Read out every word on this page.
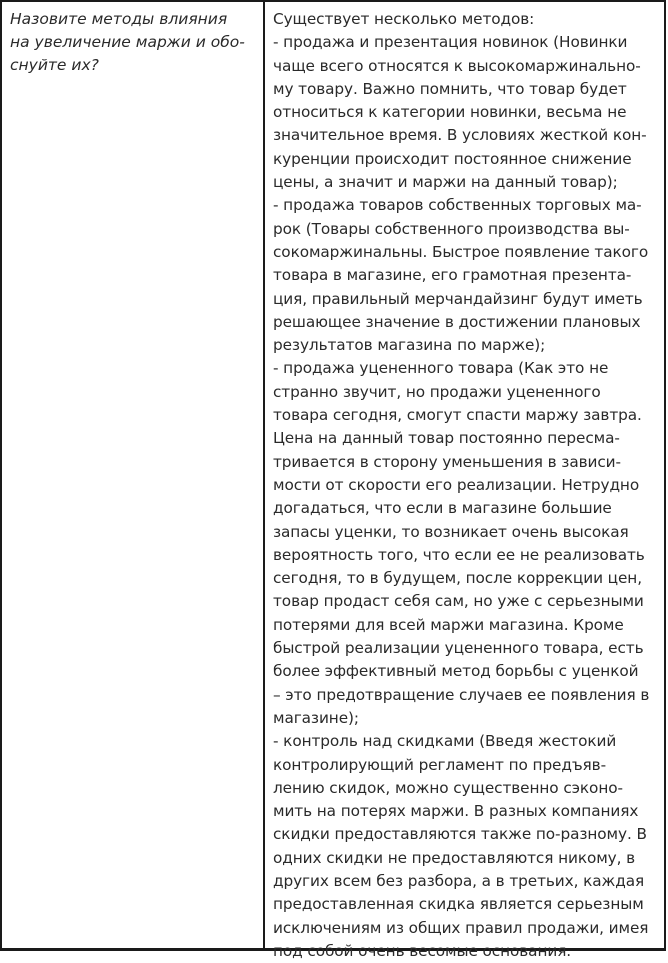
Назовите методы влияния
на увеличение маржи и обо-
снуйте их?
Существует несколько методов:
- продажа и презентация новинок (Новинки
чаще всего относятся к высокомаржинально-
му товару. Важно помнить, что товар будет
относиться к категории новинки, весьма не
значительное время. В условиях жесткой кон-
куренции происходит постоянное снижение
цены, а значит и маржи на данный товар);
- продажа товаров собственных торговых ма-
рок (Товары собственного производства вы-
сокомаржинальны. Быстрое появление такого
товара в магазине, его грамотная презента-
ция, правильный мерчандайзинг будут иметь
решающее значение в достижении плановых
результатов магазина по марже);
- продажа уцененного товара (Как это не
странно звучит, но продажи уцененного
товара сегодня, смогут спасти маржу завтра.
Цена на данный товар постоянно пересма-
тривается в сторону уменьшения в зависи-
мости от скорости его реализации. Нетрудно
догадаться, что если в магазине большие
запасы уценки, то возникает очень высокая
вероятность того, что если ее не реализовать
сегодня, то в будущем, после коррекции цен,
товар продаст себя сам, но уже с серьезными
потерями для всей маржи магазина. Кроме
быстрой реализации уцененного товара, есть
более эффективный метод борьбы с уценкой
– это предотвращение случаев ее появления в
магазине);
- контроль над скидками (Введя жестокий
контролирующий регламент по предъяв-
лению скидок, можно существенно сэконо-
мить на потерях маржи. В разных компаниях
скидки предоставляются также по-разному. В
одних скидки не предоставляются никому, в
других всем без разбора, а в третьих, каждая
предоставленная скидка является серьезным
исключениям из общих правил продажи, имея
под собой очень весомые основания.
